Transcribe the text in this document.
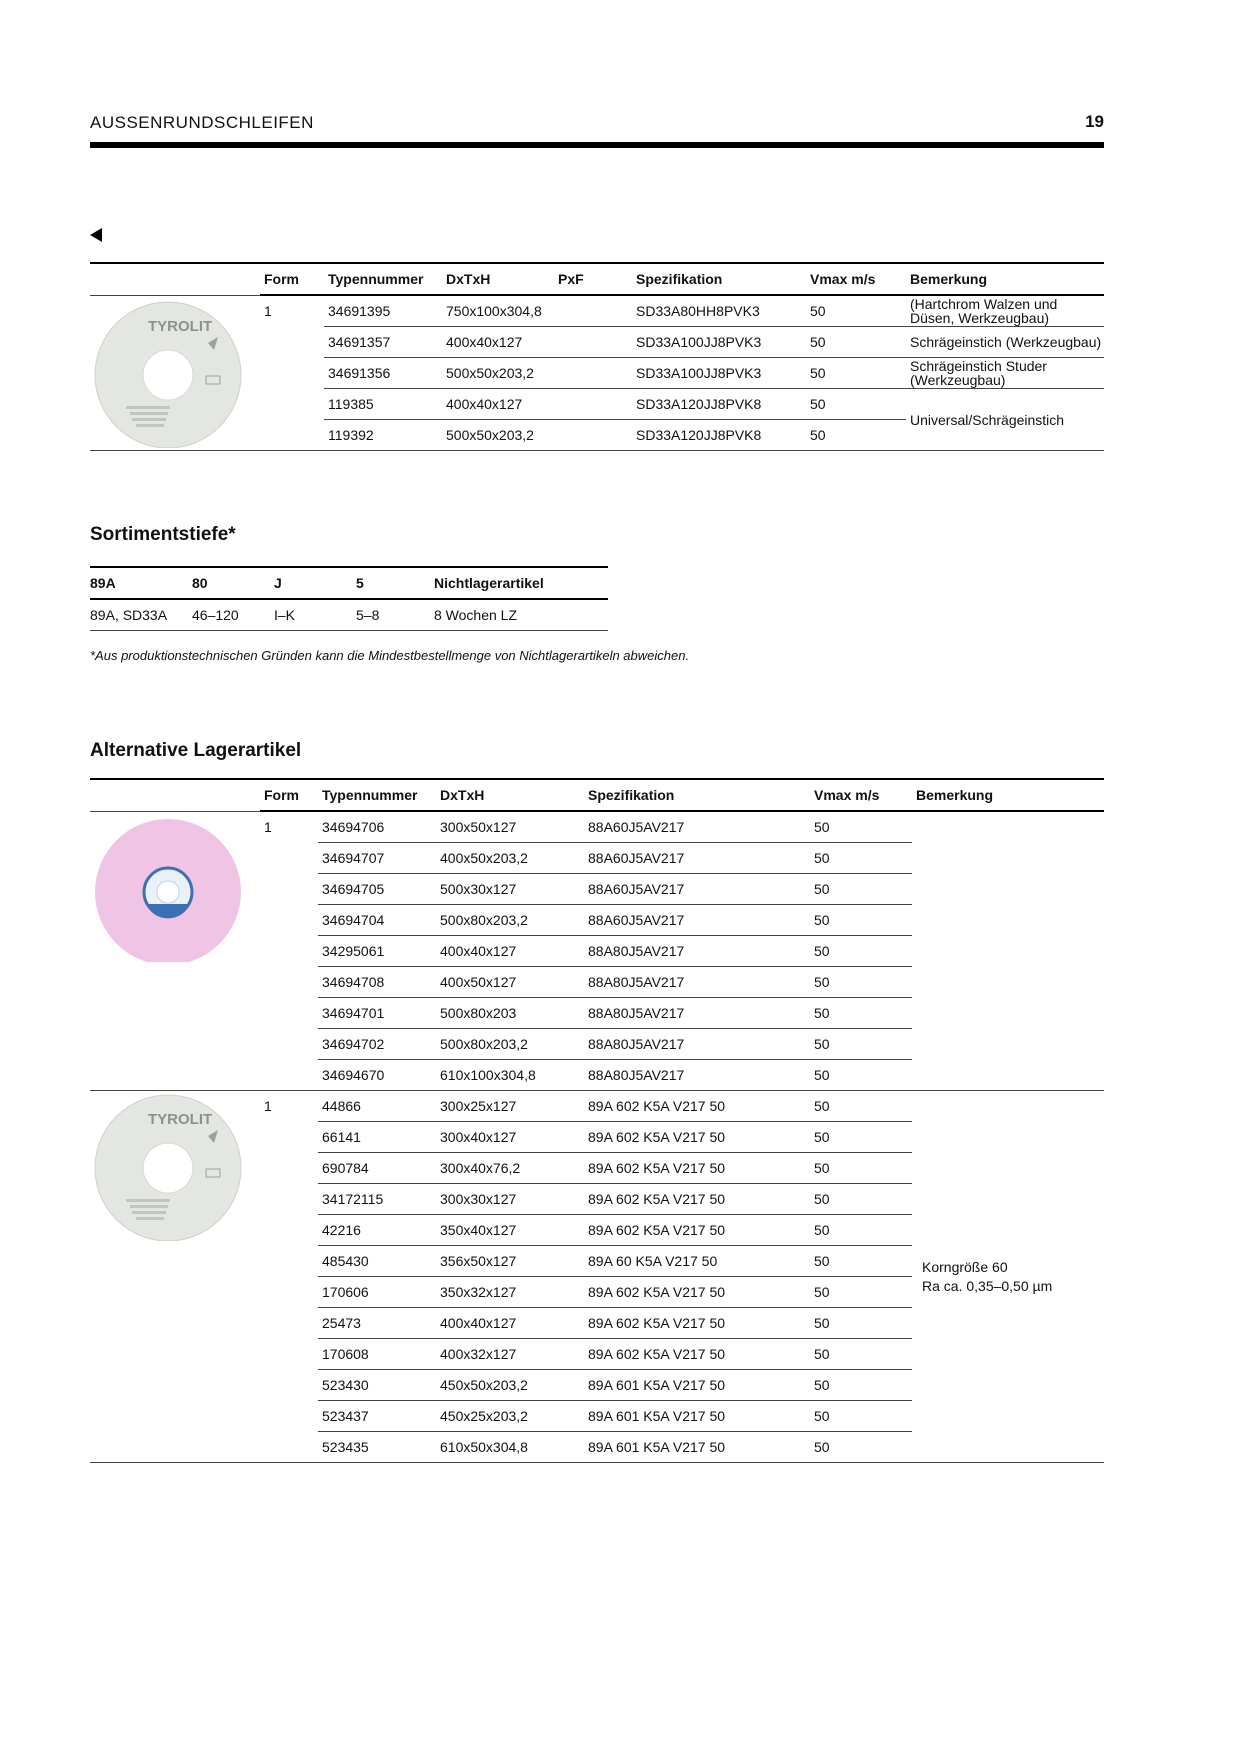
AUSSENRUNDSCHLEIFEN	19
	Form	Typennummer	DxTxH	PxF	Spezifikation	Vmax m/s	Bemerkung

TYROLIT	1	34691395	750x100x304,8		SD33A80HH8PVK3	50	(Hartchrom Walzen und Düsen, Werkzeugbau)
		34691357	400x40x127		SD33A100JJ8PVK3	50	Schrägeinstich (Werkzeugbau)
		34691356	500x50x203,2		SD33A100JJ8PVK3	50	Schrägeinstich Studer (Werkzeugbau)
		119385	400x40x127		SD33A120JJ8PVK8	50	Universal/Schrägeinstich
		119392	500x50x203,2		SD33A120JJ8PVK8	50	
Sortimentstiefe*
89A	80	J	5	Nichtlagerartikel
89A, SD33A	46–120	I–K	5–8	8 Wochen LZ
*Aus produktionstechnischen Gründen kann die Mindestbestellmenge von Nichtlagerartikeln abweichen.
Alternative Lagerartikel
	Form	Typennummer	DxTxH	Spezifikation	Vmax m/s	Bemerkung

	1	34694706	300x50x127	88A60J5AV217	50	
		34694707	400x50x203,2	88A60J5AV217	50	
		34694705	500x30x127	88A60J5AV217	50	
		34694704	500x80x203,2	88A60J5AV217	50	
		34295061	400x40x127	88A80J5AV217	50	
		34694708	400x50x127	88A80J5AV217	50	
		34694701	500x80x203	88A80J5AV217	50	
		34694702	500x80x203,2	88A80J5AV217	50	
		34694670	610x100x304,8	88A80J5AV217	50	

TYROLIT	1	44866	300x25x127	89A 602 K5A V217 50	50	Korngröße 60
Ra ca. 0,35–0,50 µm

		66141	300x40x127	89A 602 K5A V217 50	50	
		690784	300x40x76,2	89A 602 K5A V217 50	50	
		34172115	300x30x127	89A 602 K5A V217 50	50	
		42216	350x40x127	89A 602 K5A V217 50	50	
		485430	356x50x127	89A 60 K5A V217 50	50	
		170606	350x32x127	89A 602 K5A V217 50	50	
		25473	400x40x127	89A 602 K5A V217 50	50	
		170608	400x32x127	89A 602 K5A V217 50	50	
		523430	450x50x203,2	89A 601 K5A V217 50	50	
		523437	450x25x203,2	89A 601 K5A V217 50	50	
		523435	610x50x304,8	89A 601 K5A V217 50	50	
